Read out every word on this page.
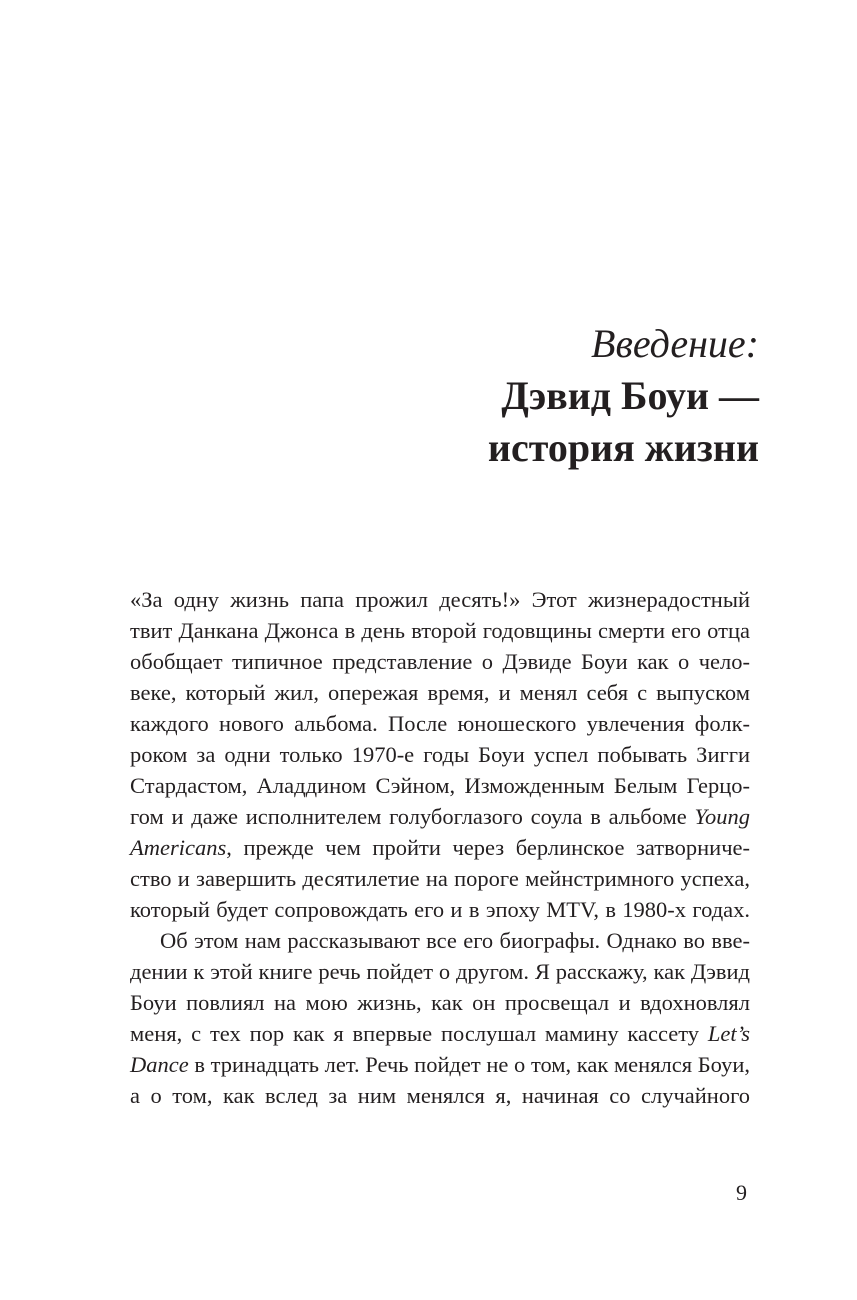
Введение:
Дэвид Боуи —
история жизни

«За одну жизнь папа прожил десять!» Этот жизнерадостный
твит Данкана Джонса в день второй годовщины смерти его отца
обобщает типичное представление о Дэвиде Боуи как о чело-
веке, который жил, опережая время, и менял себя с выпуском
каждого нового альбома. После юношеского увлечения фолк-
роком за одни только 1970-е годы Боуи успел побывать Зигги
Стардастом, Аладдином Сэйном, Изможденным Белым Герцо-
гом и даже исполнителем голубоглазого соула в альбоме Young
Americans, прежде чем пройти через берлинское затворниче-
ство и завершить десятилетие на пороге мейнстримного успеха,
который будет сопровождать его и в эпоху MTV, в 1980-х годах.

Об этом нам рассказывают все его биографы. Однако во вве-
дении к этой книге речь пойдет о другом. Я расскажу, как Дэвид
Боуи повлиял на мою жизнь, как он просвещал и вдохновлял
меня, с тех пор как я впервые послушал мамину кассету Let’s
Dance в тринадцать лет. Речь пойдет не о том, как менялся Боуи,
а о том, как вслед за ним менялся я, начиная со случайного

9
